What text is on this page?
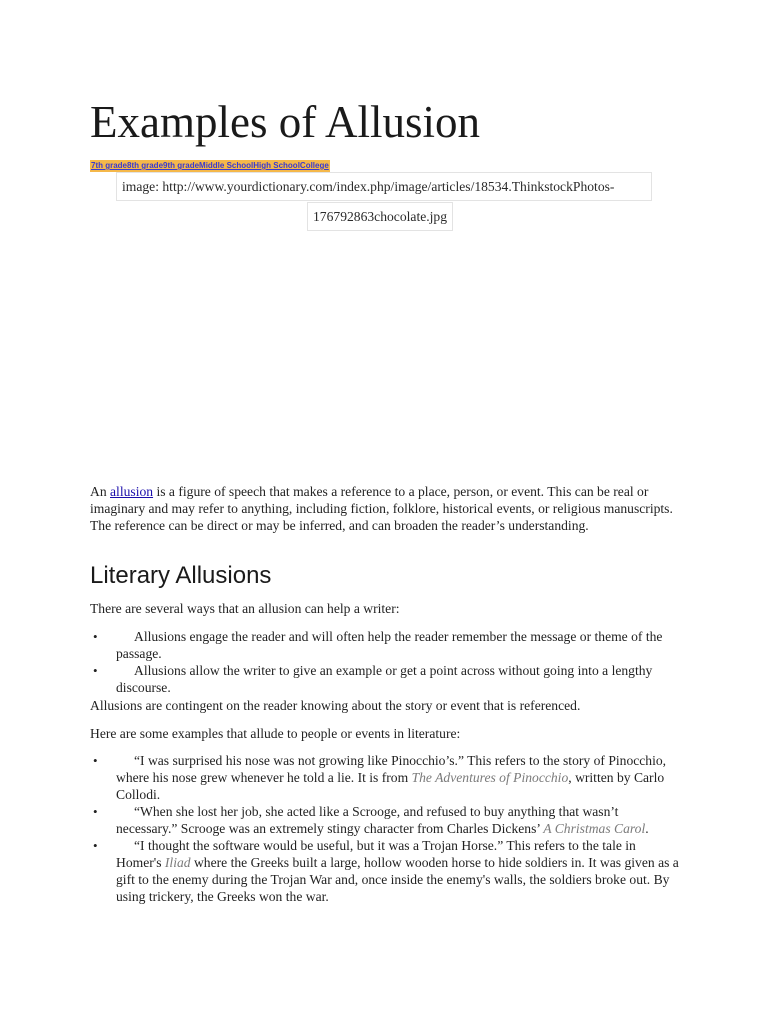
Examples of Allusion
7th grade8th grade9th gradeMiddle SchoolHigh SchoolCollege
image: http://www.yourdictionary.com/index.php/image/articles/18534.ThinkstockPhotos-
176792863chocolate.jpg

An allusion is a figure of speech that makes a reference to a place, person, or event. This can be real or imaginary and may refer to anything, including fiction, folklore, historical events, or religious manuscripts. The reference can be direct or may be inferred, and can broaden the reader’s understanding.

Literary Allusions

There are several ways that an allusion can help a writer:

•	Allusions engage the reader and will often help the reader remember the message or theme of the passage.
•	Allusions allow the writer to give an example or get a point across without going into a lengthy discourse.

Allusions are contingent on the reader knowing about the story or event that is referenced.

Here are some examples that allude to people or events in literature:

•	“I was surprised his nose was not growing like Pinocchio’s.” This refers to the story of Pinocchio, where his nose grew whenever he told a lie. It is from The Adventures of Pinocchio, written by Carlo Collodi.
•	“When she lost her job, she acted like a Scrooge, and refused to buy anything that wasn’t necessary.” Scrooge was an extremely stingy character from Charles Dickens’ A Christmas Carol.
•	“I thought the software would be useful, but it was a Trojan Horse.” This refers to the tale in Homer's Iliad where the Greeks built a large, hollow wooden horse to hide soldiers in. It was given as a gift to the enemy during the Trojan War and, once inside the enemy's walls, the soldiers broke out. By using trickery, the Greeks won the war.
